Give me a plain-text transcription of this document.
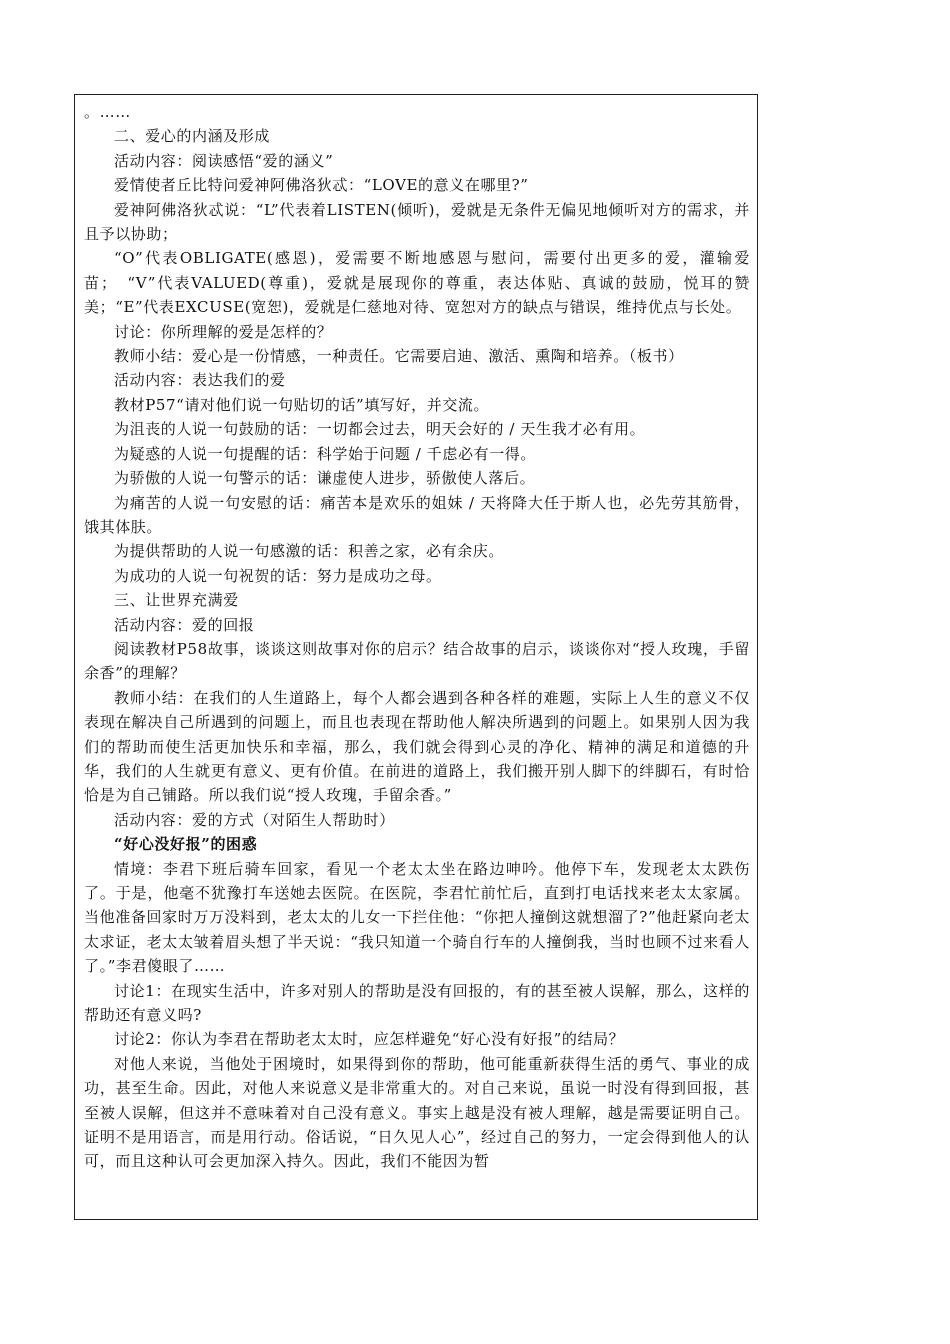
。……

二、爱心的内涵及形成

活动内容：阅读感悟“爱的涵义”

爱情使者丘比特问爱神阿佛洛狄忒：“LOVE的意义在哪里?”

爱神阿佛洛狄忒说：“L”代表着LISTEN(倾听)，爱就是无条件无偏见地倾听对方的需求，并且予以协助；

“O”代表OBLIGATE(感恩)，爱需要不断地感恩与慰问，需要付出更多的爱，灌输爱苗；　“V”代表VALUED(尊重)，爱就是展现你的尊重，表达体贴、真诚的鼓励，悦耳的赞美；“E”代表EXCUSE(宽恕)，爱就是仁慈地对待、宽恕对方的缺点与错误，维持优点与长处。

讨论：你所理解的爱是怎样的？

教师小结：爱心是一份情感，一种责任。它需要启迪、激活、熏陶和培养。（板书）

活动内容：表达我们的爱

教材P57“请对他们说一句贴切的话”填写好，并交流。

为沮丧的人说一句鼓励的话：一切都会过去，明天会好的 / 天生我才必有用。

为疑惑的人说一句提醒的话：科学始于问题 / 千虑必有一得。

为骄傲的人说一句警示的话：谦虚使人进步，骄傲使人落后。

为痛苦的人说一句安慰的话：痛苦本是欢乐的姐妹 / 天将降大任于斯人也，必先劳其筋骨，饿其体肤。

为提供帮助的人说一句感激的话：积善之家，必有余庆。

为成功的人说一句祝贺的话：努力是成功之母。

三、让世界充满爱

活动内容：爱的回报

阅读教材P58故事，谈谈这则故事对你的启示？结合故事的启示，谈谈你对“授人玫瑰，手留余香”的理解？

教师小结：在我们的人生道路上，每个人都会遇到各种各样的难题，实际上人生的意义不仅表现在解决自己所遇到的问题上，而且也表现在帮助他人解决所遇到的问题上。如果别人因为我们的帮助而使生活更加快乐和幸福，那么，我们就会得到心灵的净化、精神的满足和道德的升华，我们的人生就更有意义、更有价值。在前进的道路上，我们搬开别人脚下的绊脚石，有时恰恰是为自己铺路。所以我们说“授人玫瑰，手留余香。”

活动内容：爱的方式（对陌生人帮助时）

“好心没好报”的困惑

情境：李君下班后骑车回家，看见一个老太太坐在路边呻吟。他停下车，发现老太太跌伤了。于是，他毫不犹豫打车送她去医院。在医院，李君忙前忙后，直到打电话找来老太太家属。当他准备回家时万万没料到，老太太的儿女一下拦住他：“你把人撞倒这就想溜了?”他赶紧向老太太求证，老太太皱着眉头想了半天说：“我只知道一个骑自行车的人撞倒我，当时也顾不过来看人了。”李君傻眼了……

讨论1：在现实生活中，许多对别人的帮助是没有回报的，有的甚至被人误解，那么，这样的帮助还有意义吗?

讨论2：你认为李君在帮助老太太时，应怎样避免“好心没有好报”的结局？

对他人来说，当他处于困境时，如果得到你的帮助，他可能重新获得生活的勇气、事业的成功，甚至生命。因此，对他人来说意义是非常重大的。对自己来说，虽说一时没有得到回报，甚至被人误解，但这并不意味着对自己没有意义。事实上越是没有被人理解，越是需要证明自己。证明不是用语言，而是用行动。俗话说，“日久见人心”，经过自己的努力，一定会得到他人的认可，而且这种认可会更加深入持久。因此，我们不能因为暂
